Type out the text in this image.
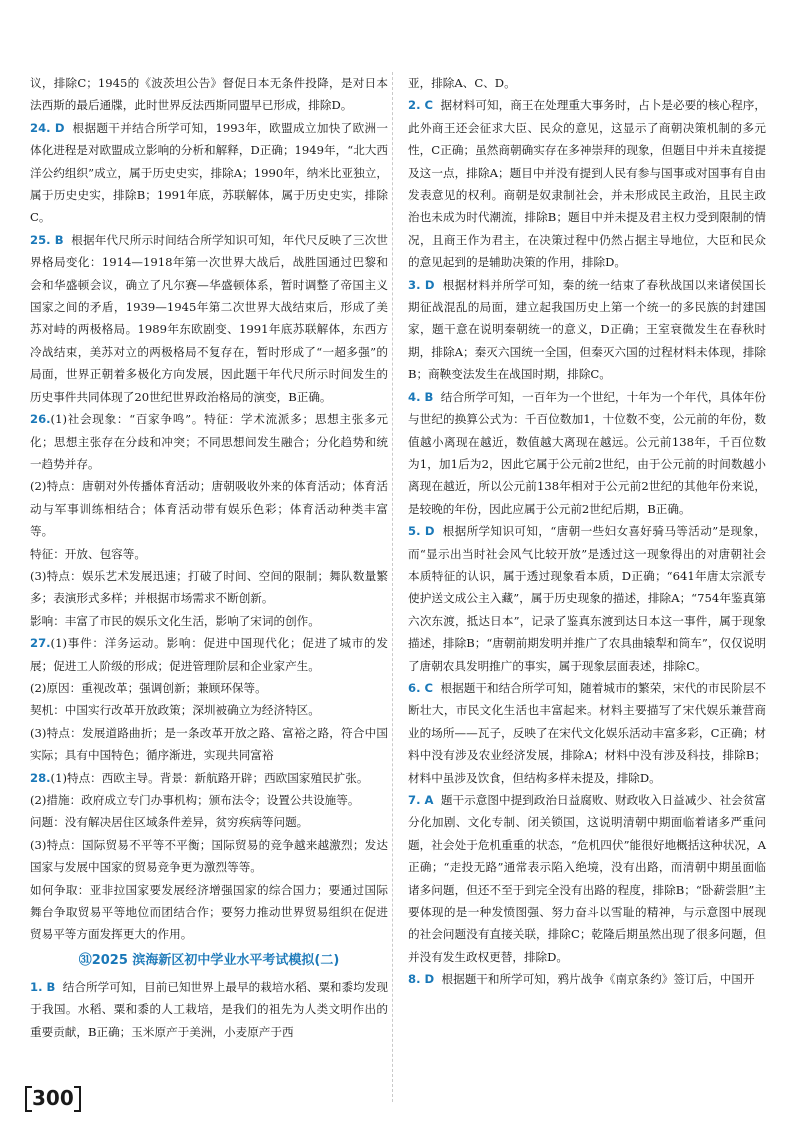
议，排除C；1945的《波茨坦公告》督促日本无条件投降，是对日本法西斯的最后通牒，此时世界反法西斯同盟早已形成，排除D。

24. D  根据题干并结合所学可知，1993年，欧盟成立加快了欧洲一体化进程是对欧盟成立影响的分析和解释，D正确；1949年，“北大西洋公约组织”成立，属于历史史实，排除A；1990年，纳米比亚独立，属于历史史实，排除B；1991年底，苏联解体，属于历史史实，排除C。

25. B  根据年代尺所示时间结合所学知识可知，年代尺反映了三次世界格局变化：1914—1918年第一次世界大战后，战胜国通过巴黎和会和华盛顿会议，确立了凡尔赛—华盛顿体系，暂时调整了帝国主义国家之间的矛盾，1939—1945年第二次世界大战结束后，形成了美苏对峙的两极格局。1989年东欧剧变、1991年底苏联解体，东西方冷战结束，美苏对立的两极格局不复存在，暂时形成了“一超多强”的局面，世界正朝着多极化方向发展，因此题干年代尺所示时间发生的历史事件共同体现了20世纪世界政治格局的演变，B正确。

26.(1)社会现象：“百家争鸣”。特征：学术流派多；思想主张多元化；思想主张存在分歧和冲突；不同思想间发生融合；分化趋势和统一趋势并存。

(2)特点：唐朝对外传播体育活动；唐朝吸收外来的体育活动；体育活动与军事训练相结合；体育活动带有娱乐色彩；体育活动种类丰富等。

特征：开放、包容等。

(3)特点：娱乐艺术发展迅速；打破了时间、空间的限制；舞队数量繁多；表演形式多样；并根据市场需求不断创新。

影响：丰富了市民的娱乐文化生活，影响了宋词的创作。

27.(1)事件：洋务运动。影响：促进中国现代化；促进了城市的发展；促进工人阶级的形成；促进管理阶层和企业家产生。

(2)原因：重视改革；强调创新；兼顾环保等。

契机：中国实行改革开放政策；深圳被确立为经济特区。

(3)特点：发展道路曲折；是一条改革开放之路、富裕之路，符合中国实际；具有中国特色；循序渐进，实现共同富裕

28.(1)特点：西欧主导。背景：新航路开辟；西欧国家殖民扩张。

(2)措施：政府成立专门办事机构；颁布法令；设置公共设施等。

问题：没有解决居住区域条件差异，贫穷疾病等问题。

(3)特点：国际贸易不平等不平衡；国际贸易的竞争越来越激烈；发达国家与发展中国家的贸易竞争更为激烈等等。

如何争取：亚非拉国家要发展经济增强国家的综合国力；要通过国际舞台争取贸易平等地位而团结合作；要努力推动世界贸易组织在促进贸易平等方面发挥更大的作用。

㉛2025 滨海新区初中学业水平考试模拟(二)

1. B  结合所学可知，目前已知世界上最早的栽培水稻、粟和黍均发现于我国。水稻、粟和黍的人工栽培，是我们的祖先为人类文明作出的重要贡献，B正确；玉米原产于美洲，小麦原产于西

亚，排除A、C、D。

2. C  据材料可知，商王在处理重大事务时，占卜是必要的核心程序，此外商王还会征求大臣、民众的意见，这显示了商朝决策机制的多元性，C正确；虽然商朝确实存在多神崇拜的现象，但题目中并未直接提及这一点，排除A；题目中并没有提到人民有参与国事或对国事有自由发表意见的权利。商朝是奴隶制社会，并未形成民主政治，且民主政治也未成为时代潮流，排除B；题目中并未提及君主权力受到限制的情况，且商王作为君主，在决策过程中仍然占据主导地位，大臣和民众的意见起到的是辅助决策的作用，排除D。

3. D  根据材料并所学可知，秦的统一结束了春秋战国以来诸侯国长期征战混乱的局面，建立起我国历史上第一个统一的多民族的封建国家，题干意在说明秦朝统一的意义，D正确；王室衰微发生在春秋时期，排除A；秦灭六国统一全国，但秦灭六国的过程材料未体现，排除B；商鞅变法发生在战国时期，排除C。

4. B  结合所学可知，一百年为一个世纪，十年为一个年代，具体年份与世纪的换算公式为：千百位数加1，十位数不变，公元前的年份，数值越小离现在越近，数值越大离现在越远。公元前138年，千百位数为1，加1后为2，因此它属于公元前2世纪，由于公元前的时间数越小离现在越近，所以公元前138年相对于公元前2世纪的其他年份来说，是较晚的年份，因此应属于公元前2世纪后期，B正确。

5. D  根据所学知识可知，“唐朝一些妇女喜好骑马等活动”是现象，而“显示出当时社会风气比较开放”是透过这一现象得出的对唐朝社会本质特征的认识，属于透过现象看本质，D正确；“641年唐太宗派专使护送文成公主入藏”，属于历史现象的描述，排除A；“754年鉴真第六次东渡，抵达日本”，记录了鉴真东渡到达日本这一事件，属于现象描述，排除B；“唐朝前期发明并推广了农具曲辕犁和筒车”，仅仅说明了唐朝农具发明推广的事实，属于现象层面表述，排除C。

6. C  根据题干和结合所学可知，随着城市的繁荣，宋代的市民阶层不断壮大，市民文化生活也丰富起来。材料主要描写了宋代娱乐兼营商业的场所——瓦子，反映了在宋代文化娱乐活动丰富多彩，C正确；材料中没有涉及农业经济发展，排除A；材料中没有涉及科技，排除B；材料中虽涉及饮食，但结构多样未提及，排除D。

7. A  题干示意图中提到政治日益腐败、财政收入日益减少、社会贫富分化加剧、文化专制、闭关锁国，这说明清朝中期面临着诸多严重问题，社会处于危机重重的状态，“危机四伏”能很好地概括这种状况，A正确；“走投无路”通常表示陷入绝境，没有出路，而清朝中期虽面临诸多问题，但还不至于到完全没有出路的程度，排除B；“卧薪尝胆”主要体现的是一种发愤图强、努力奋斗以雪耻的精神，与示意图中展现的社会问题没有直接关联，排除C；乾隆后期虽然出现了很多问题，但并没有发生政权更替，排除D。

8. D  根据题干和所学可知，鸦片战争《南京条约》签订后，中国开

300
